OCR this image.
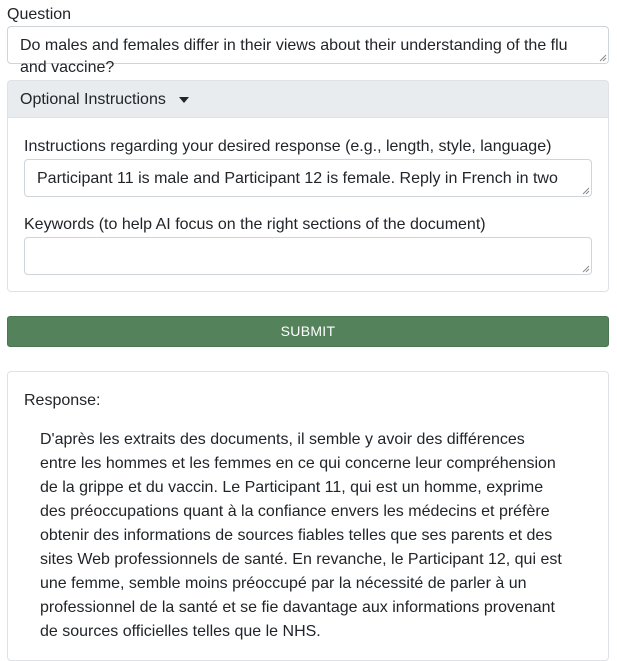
Question
Do males and females differ in their views about their understanding of the flu
and vaccine?
Optional Instructions
Instructions regarding your desired response (e.g., length, style, language)
Participant 11 is male and Participant 12 is female. Reply in French in two
Keywords (to help AI focus on the right sections of the document)
SUBMIT
Response:
D'après les extraits des documents, il semble y avoir des différences
entre les hommes et les femmes en ce qui concerne leur compréhension
de la grippe et du vaccin. Le Participant 11, qui est un homme, exprime
des préoccupations quant à la confiance envers les médecins et préfère
obtenir des informations de sources fiables telles que ses parents et des
sites Web professionnels de santé. En revanche, le Participant 12, qui est
une femme, semble moins préoccupé par la nécessité de parler à un
professionnel de la santé et se fie davantage aux informations provenant
de sources officielles telles que le NHS.
